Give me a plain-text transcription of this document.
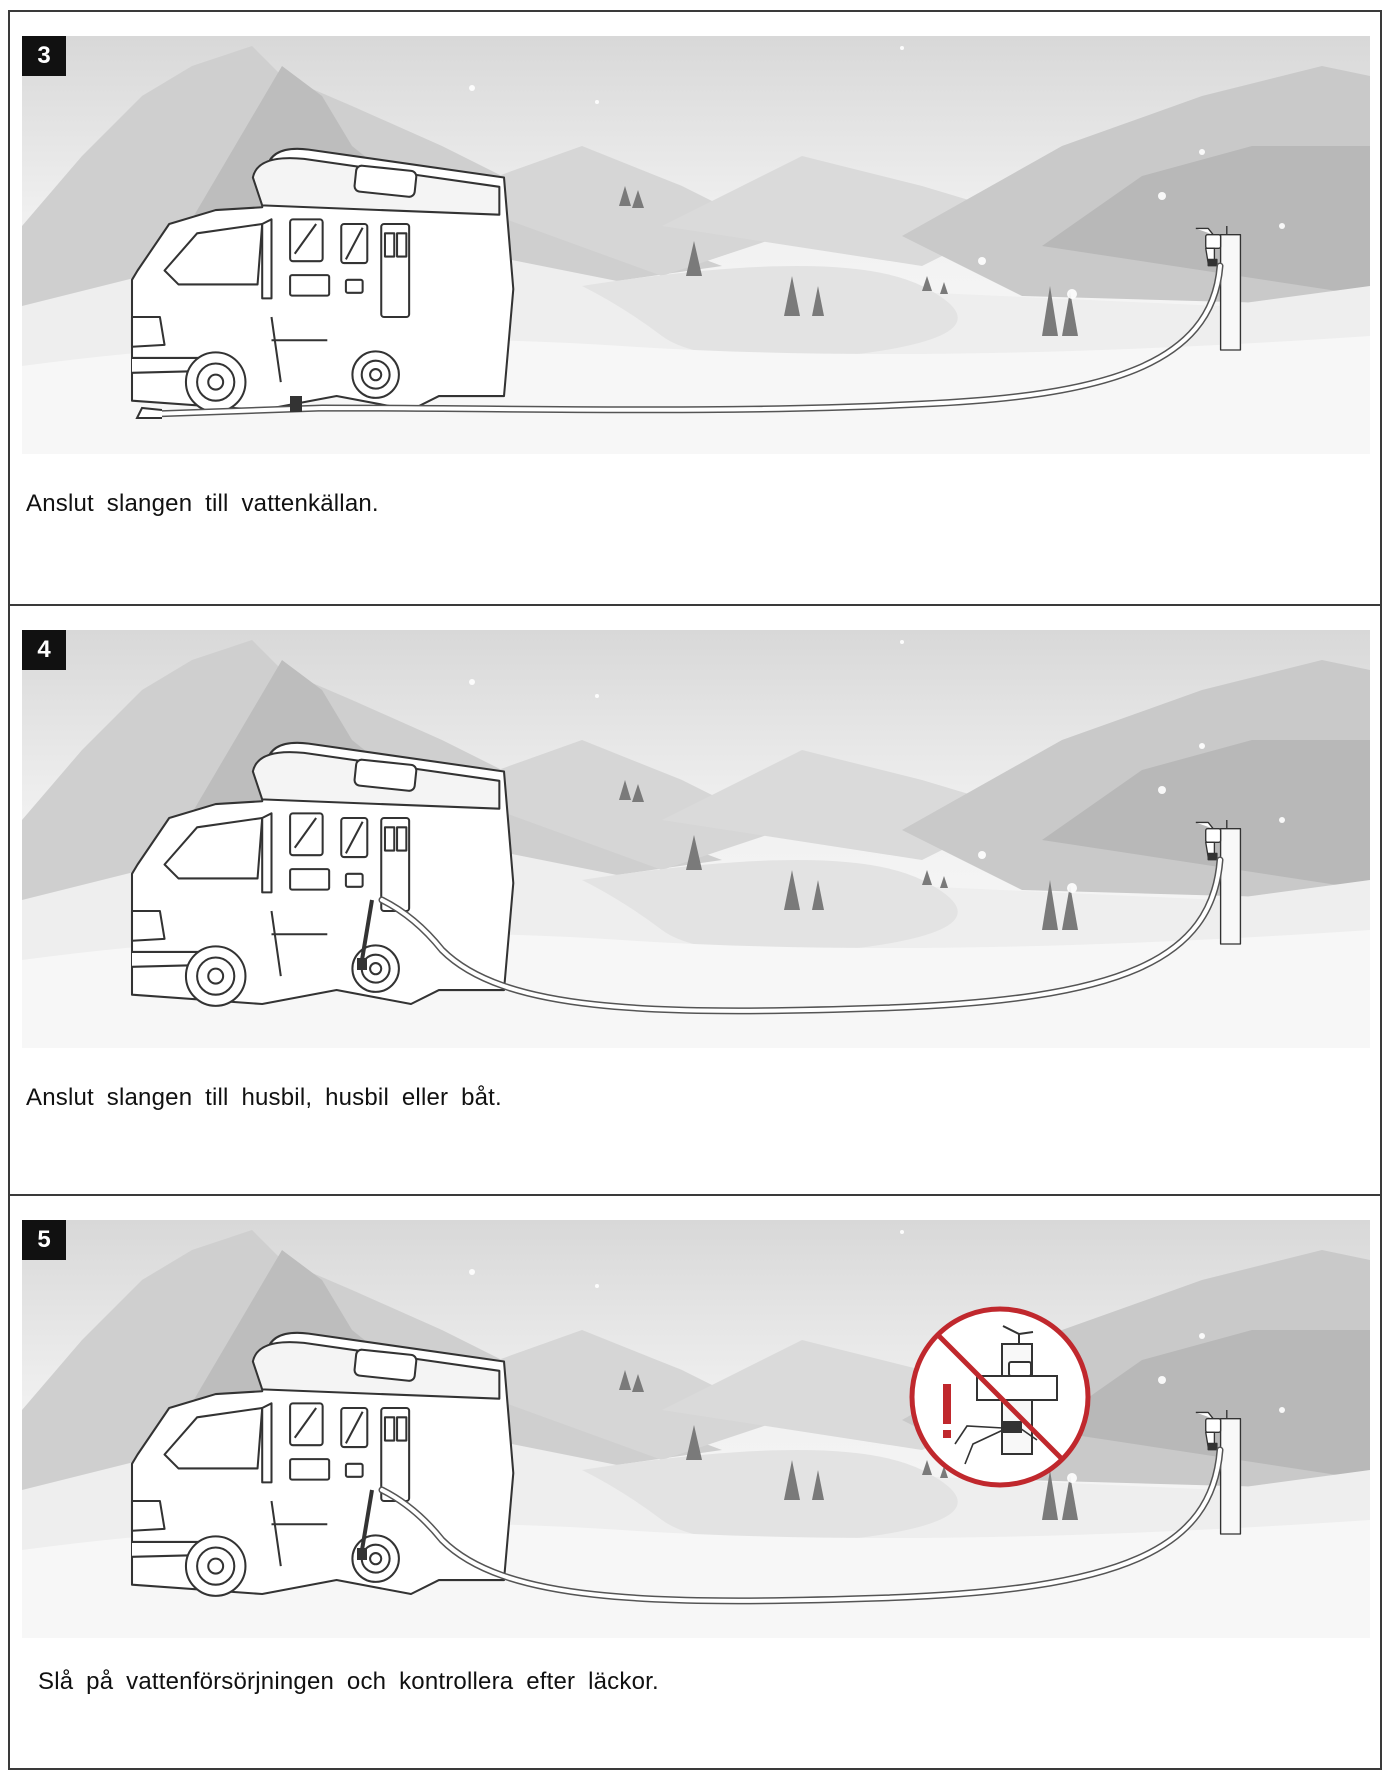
3
Anslut slangen till vattenkällan.
4
Anslut slangen till husbil, husbil eller båt.
5
Slå på vattenförsörjningen och kontrollera efter läckor.
